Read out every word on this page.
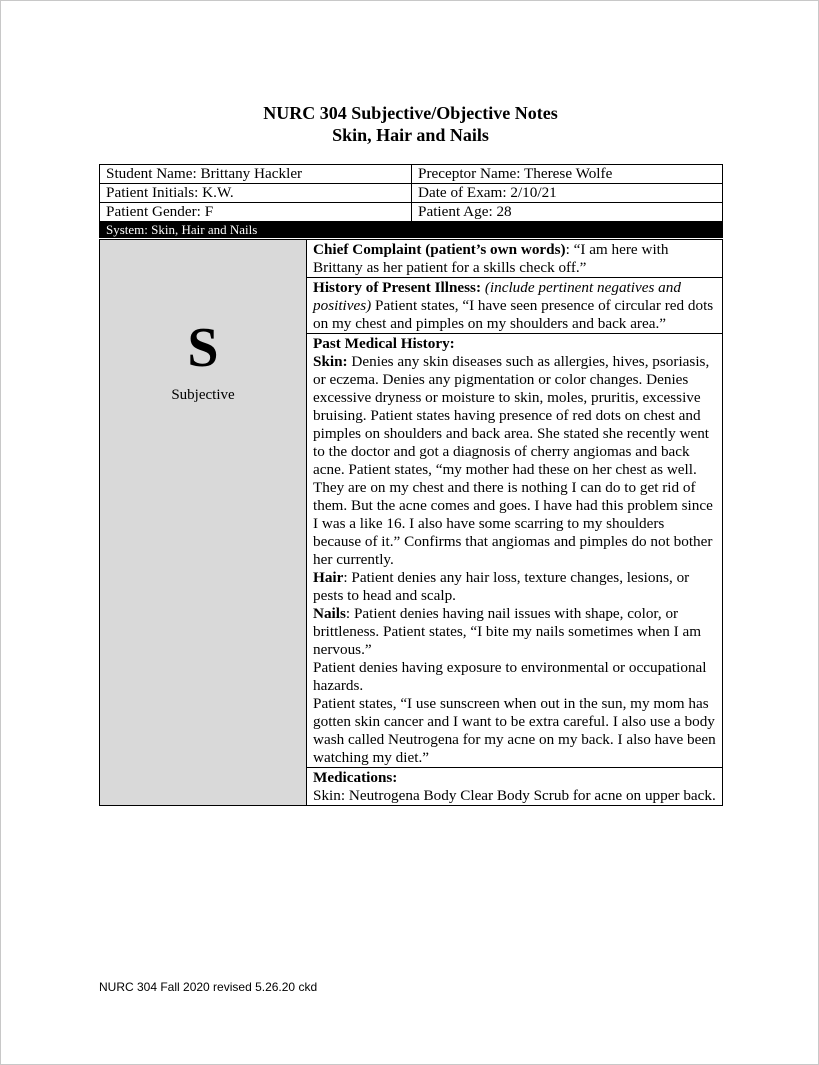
NURC 304 Subjective/Objective Notes
Skin, Hair and Nails
Student Name: Brittany Hackler	Preceptor Name: Therese Wolfe
Patient Initials: K.W.	Date of Exam: 2/10/21
Patient Gender: F	Patient Age: 28
System: Skin, Hair and Nails	
S
Subjective
	Chief Complaint (patient’s own words): “I am here with Brittany as her patient for a skills check off.”
History of Present Illness: (include pertinent negatives and positives) Patient states, “I have seen presence of circular red dots on my chest and pimples on my shoulders and back area.”

Past Medical History:
Skin: Denies any skin diseases such as allergies, hives, psoriasis, or eczema. Denies any pigmentation or color changes. Denies excessive dryness or moisture to skin, moles, pruritis, excessive bruising. Patient states having presence of red dots on chest and pimples on shoulders and back area. She stated she recently went to the doctor and got a diagnosis of cherry angiomas and back acne. Patient states, “my mother had these on her chest as well. They are on my chest and there is nothing I can do to get rid of them. But the acne comes and goes. I have had this problem since I was a like 16. I also have some scarring to my shoulders because of it.” Confirms that angiomas and pimples do not bother her currently.
Hair: Patient denies any hair loss, texture changes, lesions, or pests to head and scalp.
Nails: Patient denies having nail issues with shape, color, or brittleness. Patient states, “I bite my nails sometimes when I am nervous.”
Patient denies having exposure to environmental or occupational hazards.
Patient states, “I use sunscreen when out in the sun, my mom has gotten skin cancer and I want to be extra careful. I also use a body wash called Neutrogena for my acne on my back. I also have been watching my diet.”

Medications:
Skin: Neutrogena Body Clear Body Scrub for acne on upper back.
NURC 304 Fall 2020 revised 5.26.20 ckd
